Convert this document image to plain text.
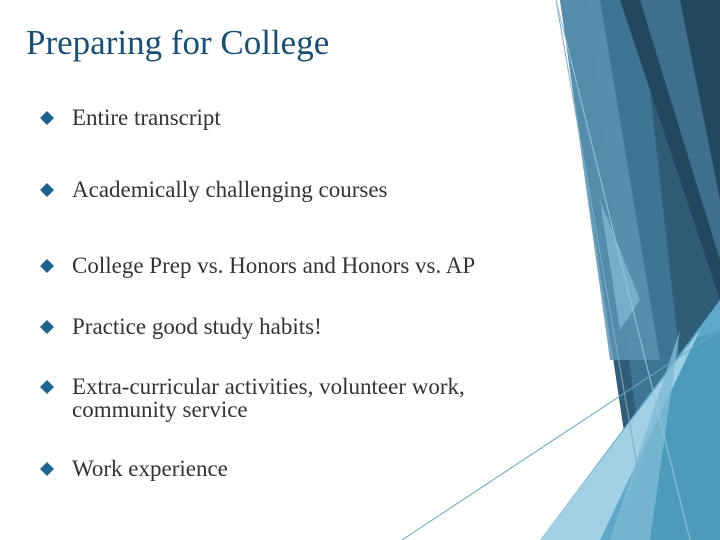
Preparing for College
Entire transcript
Academically challenging courses
College Prep vs. Honors and Honors vs. AP
Practice good study habits!
Extra-curricular activities, volunteer work, community service
Work experience
